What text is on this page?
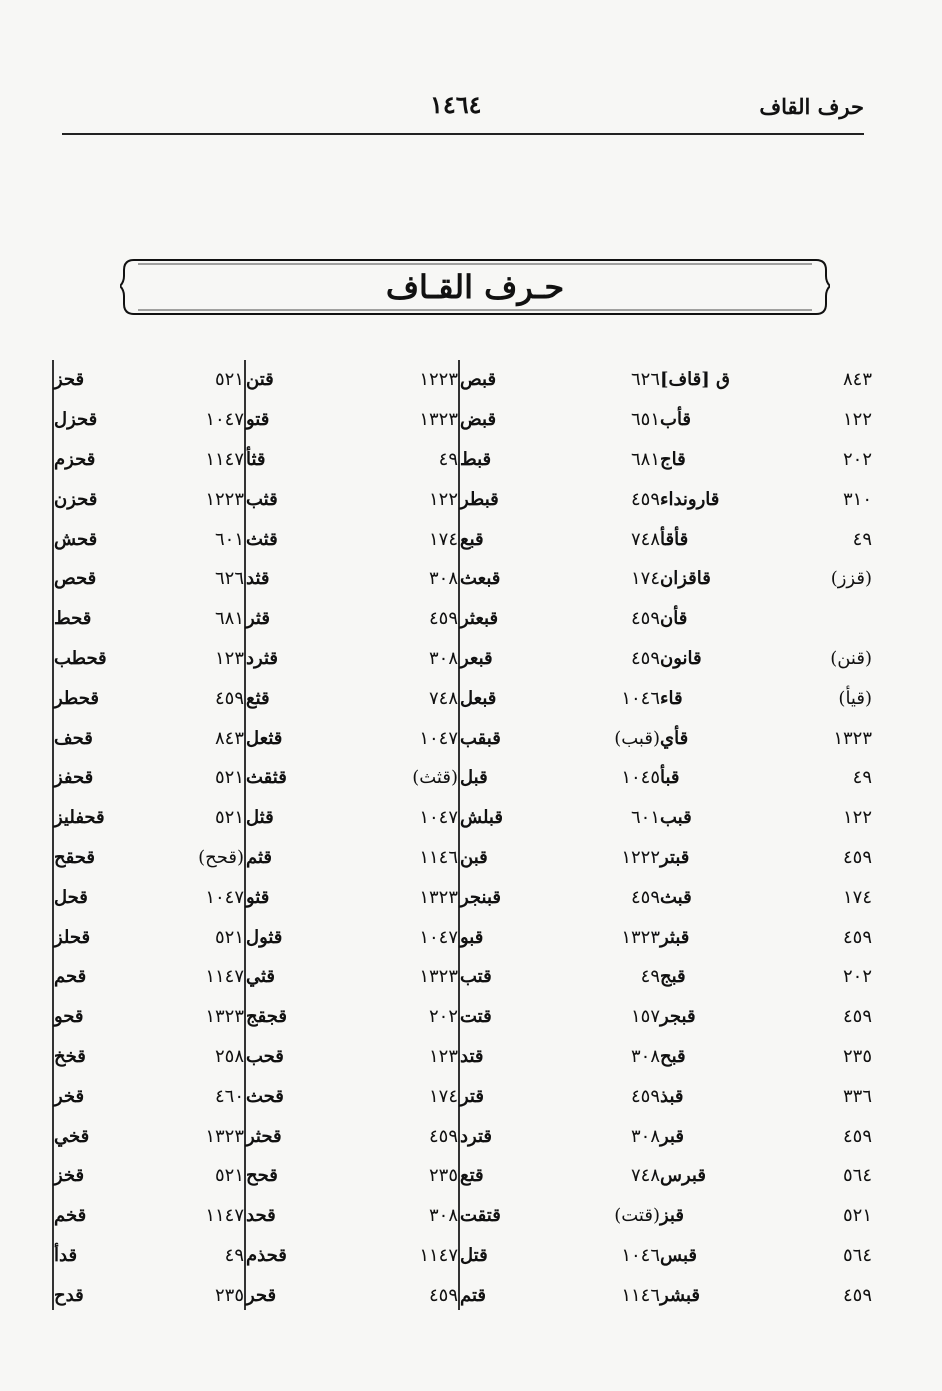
حرف القاف
١٤٦٤
حـرف القـاف
ق [قاف]	٨٤٣
قأب	١٢٢
قاج	٢٠٢
قاروندا‌ء	٣١٠
قأقأ	٤٩
قاقزان	(قزز)
قأن
قانون	(قنن)
قاء	(قيأ)
قأي	١٣٢٣
قبأ	٤٩
قبب	١٢٢
قبتر	٤٥٩
قبث	١٧٤
قبثر	٤٥٩
قبج	٢٠٢
قبجر	٤٥٩
قبح	٢٣٥
قبذ	٣٣٦
قبر	٤٥٩
قبرس	٥٦٤
قبز	٥٢١
قبس	٥٦٤
قبشر	٤٥٩
قبص	٦٢٦
قبض	٦٥١
قبط	٦٨١
قبطر	٤٥٩
قبع	٧٤٨
قبعث	١٧٤
قبعثر	٤٥٩
قبعر	٤٥٩
قبعل	١٠٤٦
قبقب	(قبب)
قبل	١٠٤٥
قبلش	٦٠١
قبن	١٢٢٢
قبنجر	٤٥٩
قبو	١٣٢٣
قتب	٤٩
قتت	١٥٧
قتد	٣٠٨
قتر	٤٥٩
قترد	٣٠٨
قتع	٧٤٨
قتقت	(قتت)
قتل	١٠٤٦
قتم	١١٤٦
قتن	١٢٢٣
قتو	١٣٢٣
قثأ	٤٩
قثب	١٢٢
قثث	١٧٤
قثد	٣٠٨
قثر	٤٥٩
قثرد	٣٠٨
قثع	٧٤٨
قثعل	١٠٤٧
قثقث	(قثث)
قثل	١٠٤٧
قثم	١١٤٦
قثو	١٣٢٣
قثول	١٠٤٧
قثي	١٣٢٣
قجقج	٢٠٢
قحب	١٢٣
قحث	١٧٤
قحثر	٤٥٩
قحح	٢٣٥
قحد	٣٠٨
قحذم	١١٤٧
قحر	٤٥٩
قحز	٥٢١
قحزل	١٠٤٧
قحزم	١١٤٧
قحزن	١٢٢٣
قحش	٦٠١
قحص	٦٢٦
قحط	٦٨١
قحطب	١٢٣
قحطر	٤٥٩
قحف	٨٤٣
قحفز	٥٢١
قحفليز	٥٢١
قحقح	(قحح)
قحل	١٠٤٧
قحلز	٥٢١
قحم	١١٤٧
قحو	١٣٢٣
قخخ	٢٥٨
قخر	٤٦٠
قخي	١٣٢٣
قخز	٥٢١
قخم	١١٤٧
قدأ	٤٩
قدح	٢٣٥
